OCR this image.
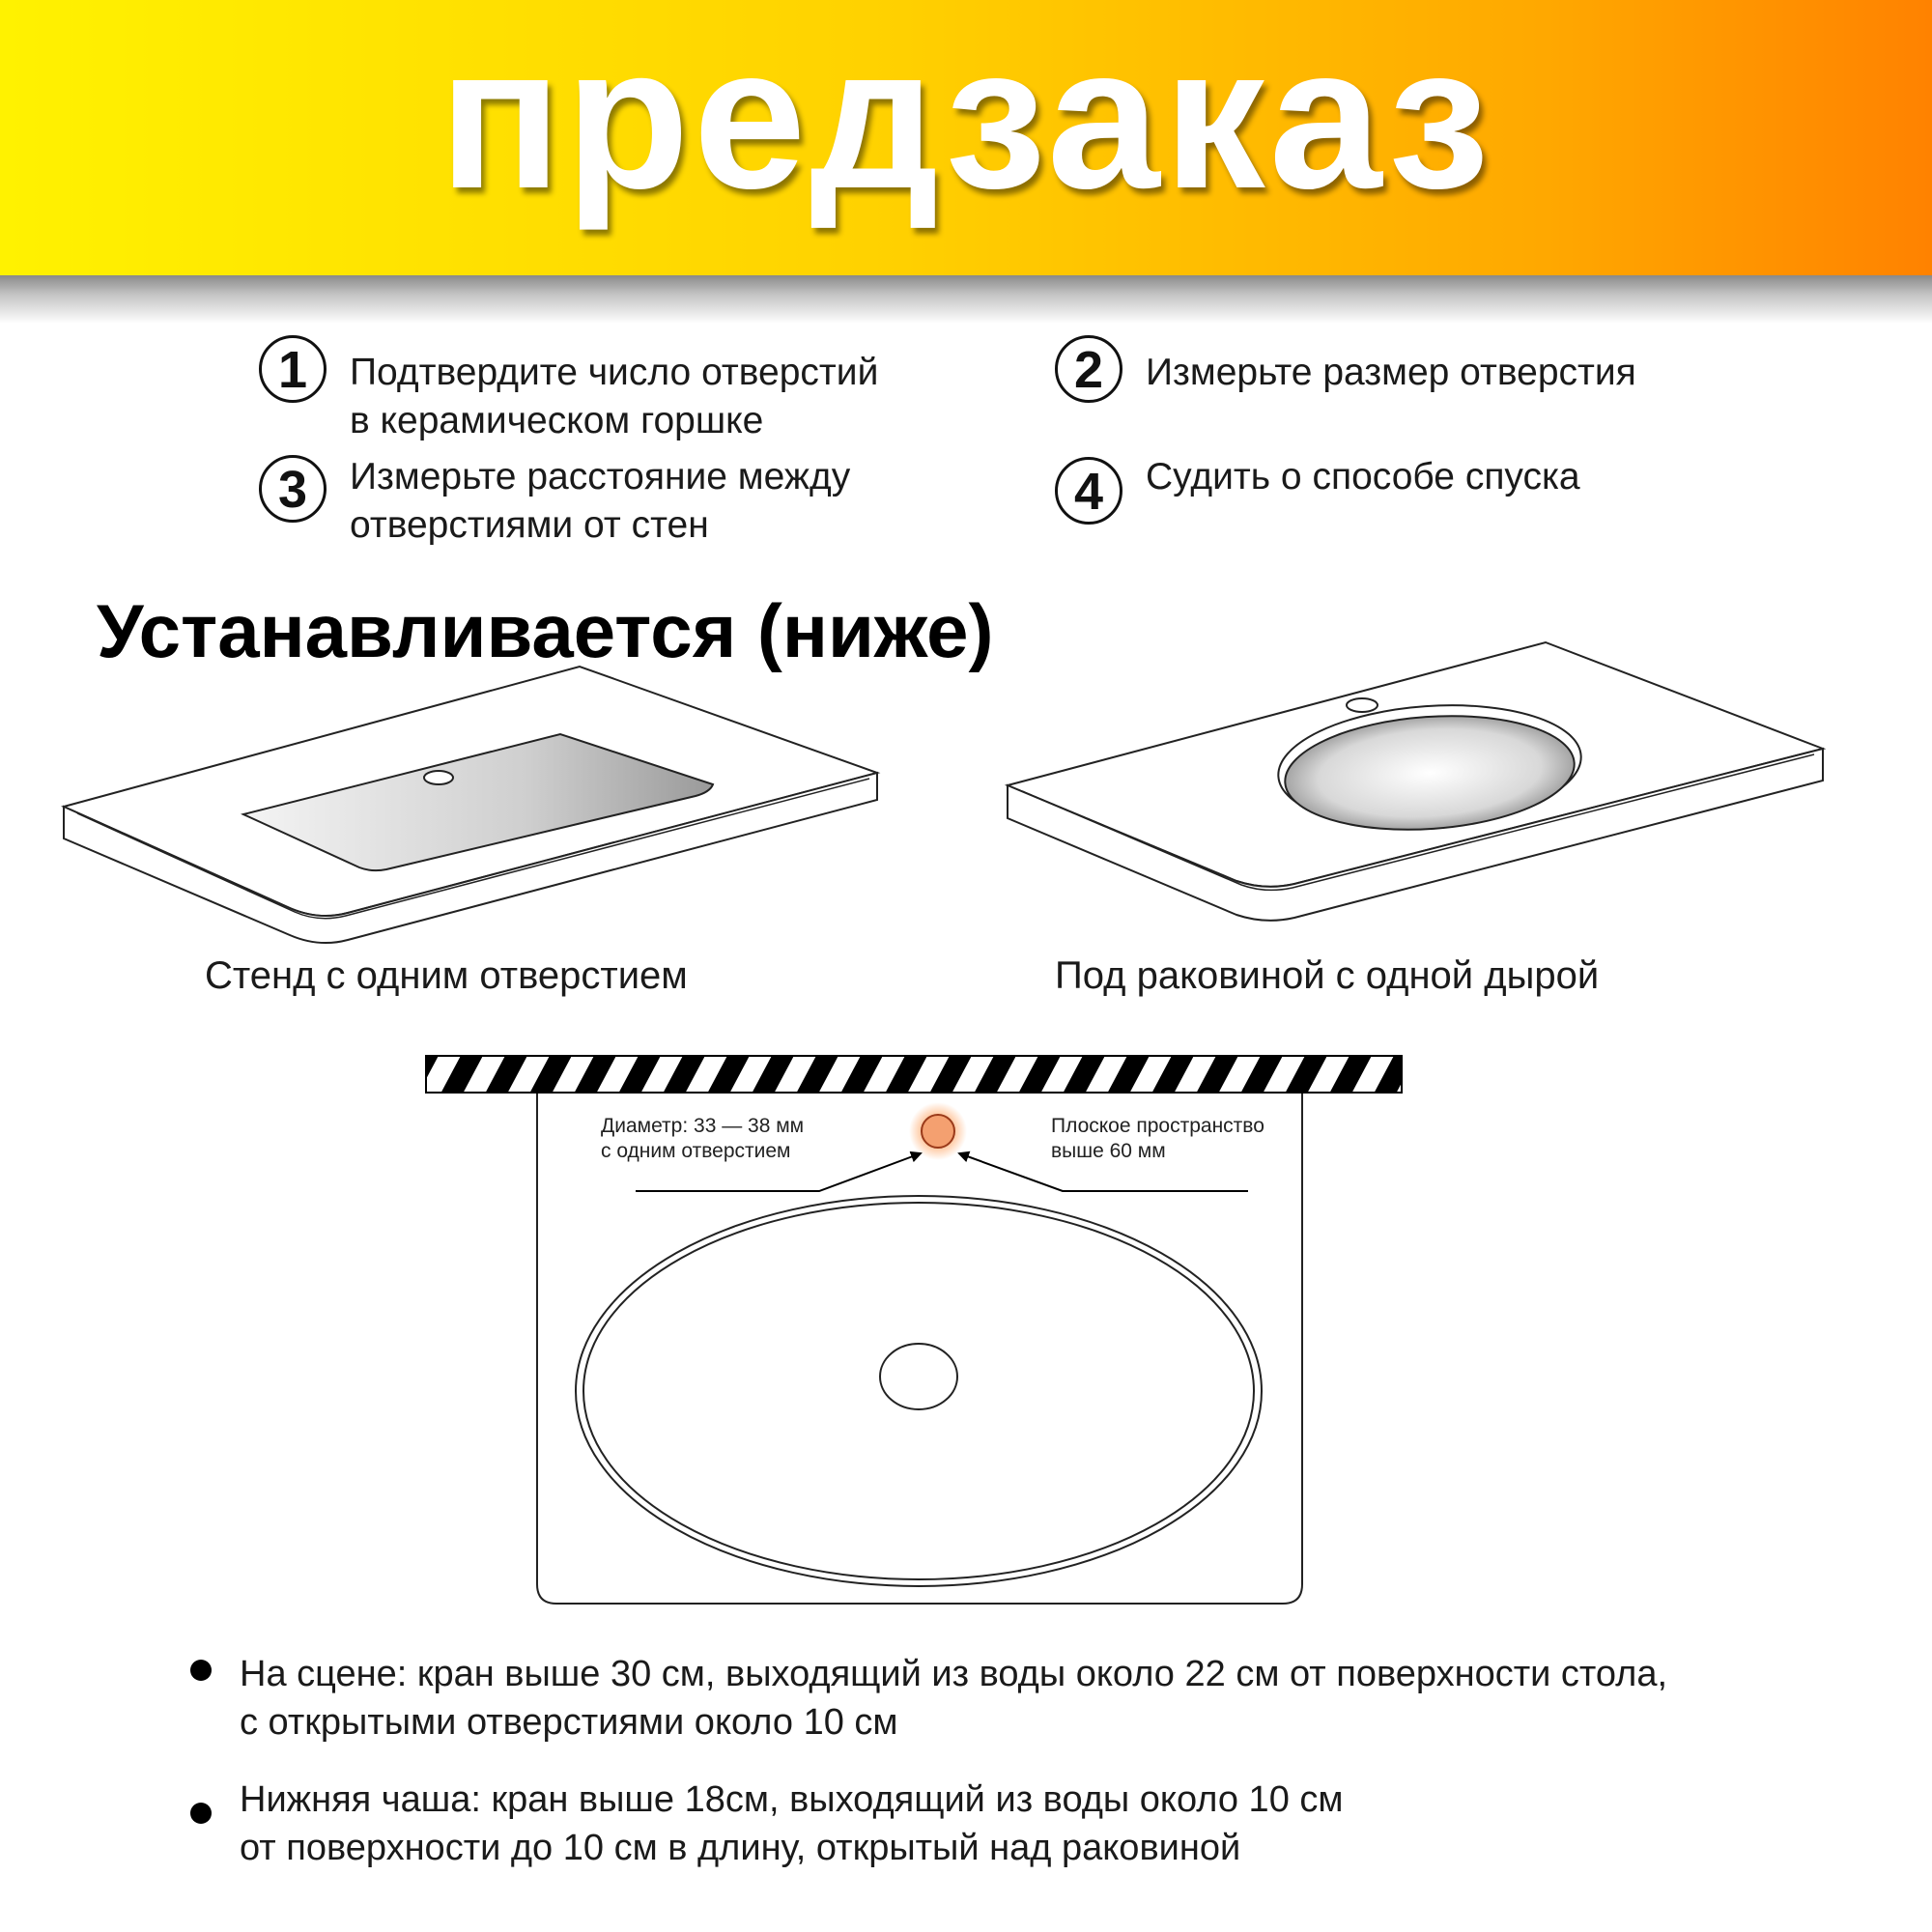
предзаказ
1	Подтвердите число отверстий
в керамическом горшке
2	Измерьте размер отверстия
3	Измерьте расстояние между
отверстиями от стен
4	Судить о способе спуска
Устанавливается (ниже)
Стенд с одним отверстием	Под раковиной с одной дырой
Диаметр: 33 — 38 мм
с одним отверстием
Плоское пространство
выше 60 мм
На сцене: кран выше 30 см, выходящий из воды около 22 см от поверхности стола,
с открытыми отверстиями около 10 см
Нижняя чаша: кран выше 18см, выходящий из воды около 10 см
от поверхности до 10 см в длину, открытый над раковиной
